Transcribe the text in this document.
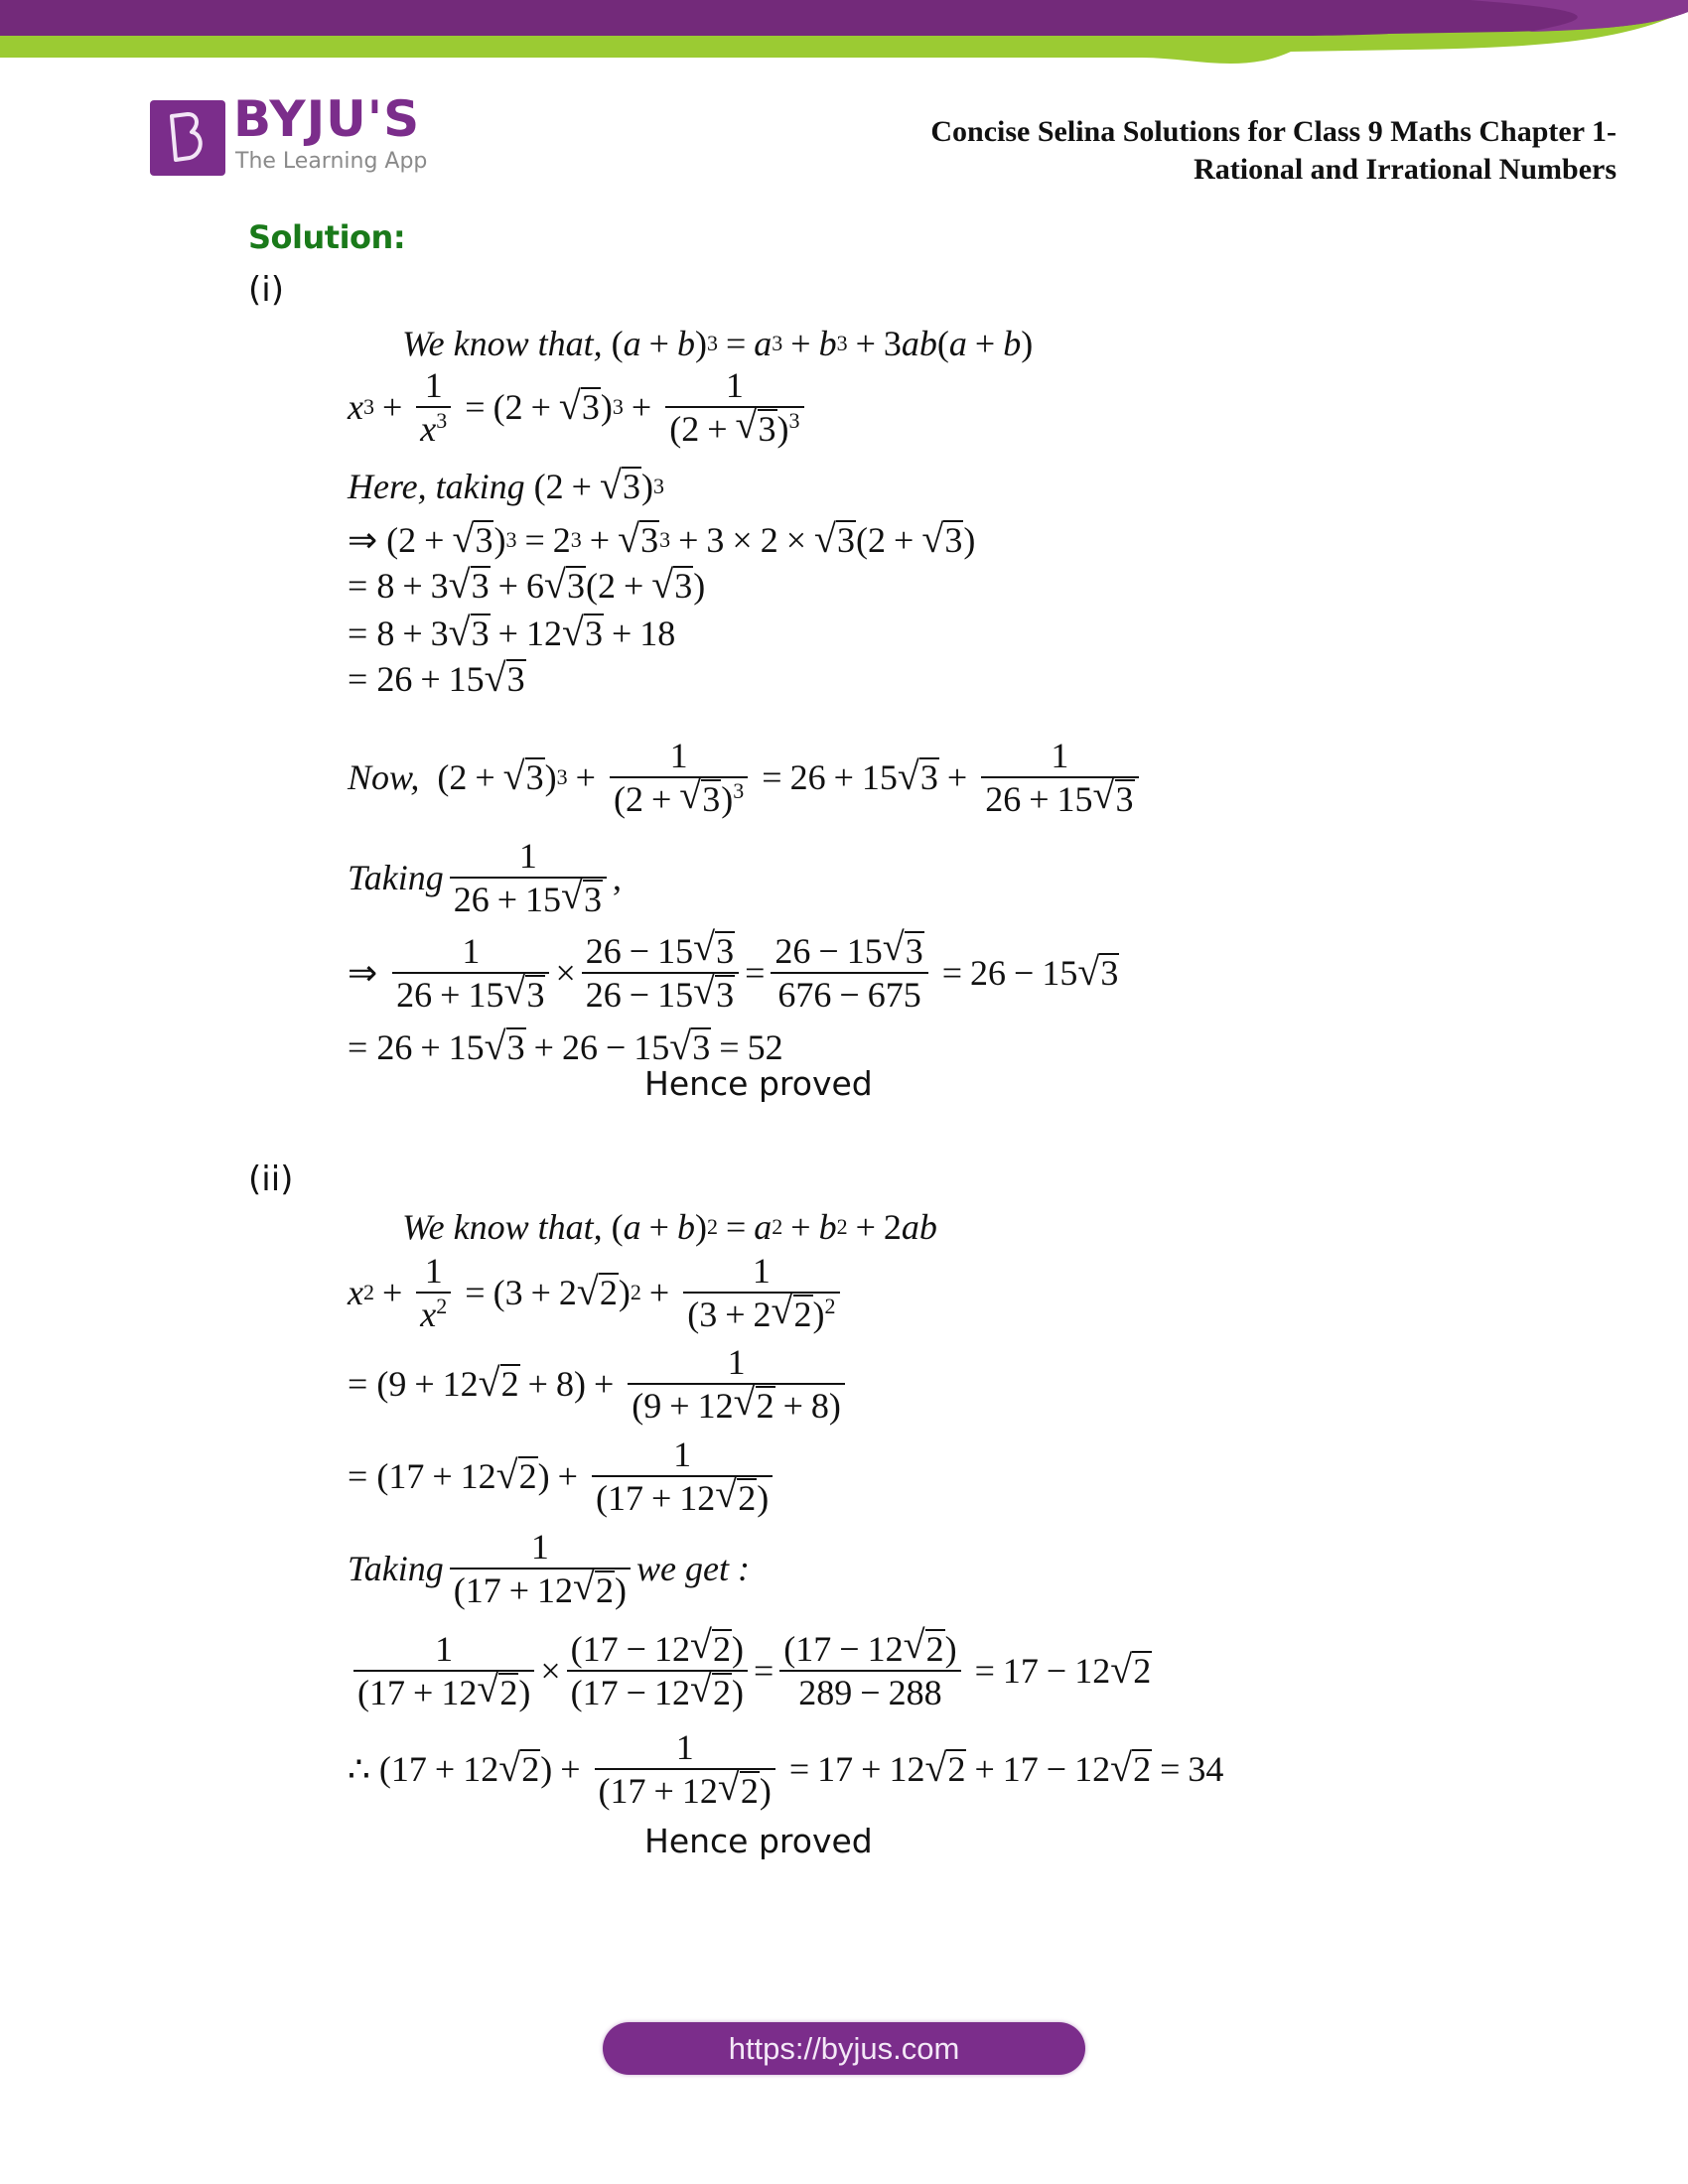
BYJU'S
The Learning App
Concise Selina Solutions for Class 9 Maths Chapter 1-
Rational and Irrational Numbers
Solution:
(i)
We know that,
( a + b ) 3 = a 3 + b 3 + 3 ab ( a + b )
x $3 + \frac{1}{x^3}$ = ( 2 + √ 3 ) $3 + \frac{1}{(2 + √ 3)^3}$
Here, taking
( 2 + √ 3 ) 3
⇒
( 2 + √ 3 ) 3 = 2 3 + √ 3 3 + 3 × 2 × √ 3 ( 2 + √ 3 )
=
8 + 3 √ 3 + 6 √ 3 ( 2 + √ 3 )
=
8 + 3 √ 3 + 12 √ 3 + 18
=
26 + 15 √ 3
Now,
( 2 + √ 3 ) $3 + \frac{1}{(2 + √ 3)^3} = 26 + 15$ √ $3 + \frac{1}{26 + 15 √ 3}$
Taking $\frac{1}{26 + 15 √ 3}$ ,
⇒
$\frac{1}{26 + 15 √ 3} \times \frac{26 - 15 √ 3}{26 - 15 √ 3} = \frac{26 - 15 √ 3}{676 - 675} = 26 - 15$ √ 3
=
26 + 15 √ 3 + 26 − 15 √ 3 = 52
Hence proved
(ii)
We know that,
( a + b ) 2 = a 2 + b 2 + 2 ab
x $2 + \frac{1}{x^2}$ = ( 3 + 2 √ 2 ) $2 + \frac{1}{(3 + 2 √ 2)^2}$
=
( 9 + 12 √ 2 + 8 ) + $\frac{1}{(9 + 12 √ 2 + 8)}$
=
( 17 + 12 √ 2 ) + $\frac{1}{(17 + 12 √ 2)}$
Taking $\frac{1}{(17 + 12 √ 2)}$ we get :
$\frac{1}{(17 + 12 √ 2)} \times \frac{(17 - 12 √ 2)}{(17 - 12 √ 2)} = \frac{(17 - 12 √ 2)}{289 - 288} = 17 - 12$ √ 2
∴
( 17 + 12 √ 2 ) + $\frac{1}{(17 + 12 √ 2)} = 17 + 12$ √ 2 + 17 − 12 √ 2 = 34
Hence proved
https://byjus.com
